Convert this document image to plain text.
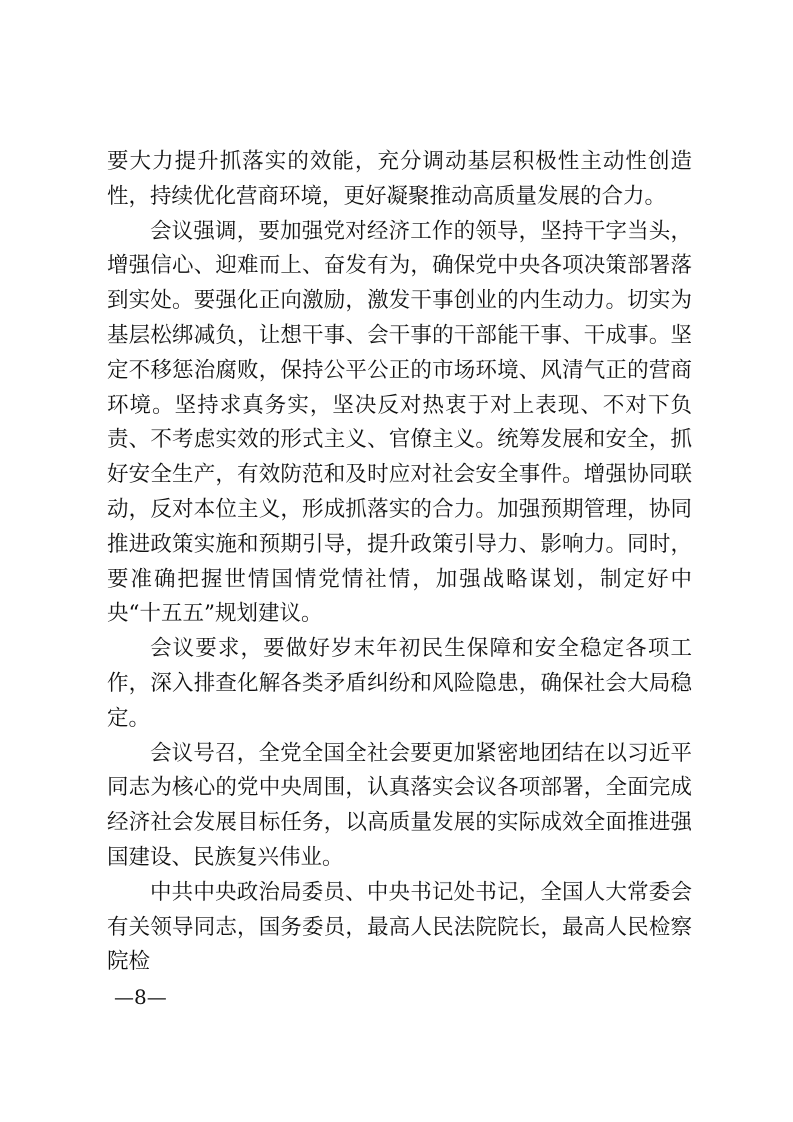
要大力提升抓落实的效能，充分调动基层积极性主动性创造性，持续优化营商环境，更好凝聚推动高质量发展的合力。

会议强调，要加强党对经济工作的领导，坚持干字当头，增强信心、迎难而上、奋发有为，确保党中央各项决策部署落到实处。要强化正向激励，激发干事创业的内生动力。切实为基层松绑减负，让想干事、会干事的干部能干事、干成事。坚定不移惩治腐败，保持公平公正的市场环境、风清气正的营商环境。坚持求真务实，坚决反对热衷于对上表现、不对下负责、不考虑实效的形式主义、官僚主义。统筹发展和安全，抓好安全生产，有效防范和及时应对社会安全事件。增强协同联动，反对本位主义，形成抓落实的合力。加强预期管理，协同推进政策实施和预期引导，提升政策引导力、影响力。同时，要准确把握世情国情党情社情，加强战略谋划，制定好中央“十五五”规划建议。

会议要求，要做好岁末年初民生保障和安全稳定各项工作，深入排查化解各类矛盾纠纷和风险隐患，确保社会大局稳定。

会议号召，全党全国全社会要更加紧密地团结在以习近平同志为核心的党中央周围，认真落实会议各项部署，全面完成经济社会发展目标任务，以高质量发展的实际成效全面推进强国建设、民族复兴伟业。

中共中央政治局委员、中央书记处书记，全国人大常委会有关领导同志，国务委员，最高人民法院院长，最高人民检察院检

—8—
